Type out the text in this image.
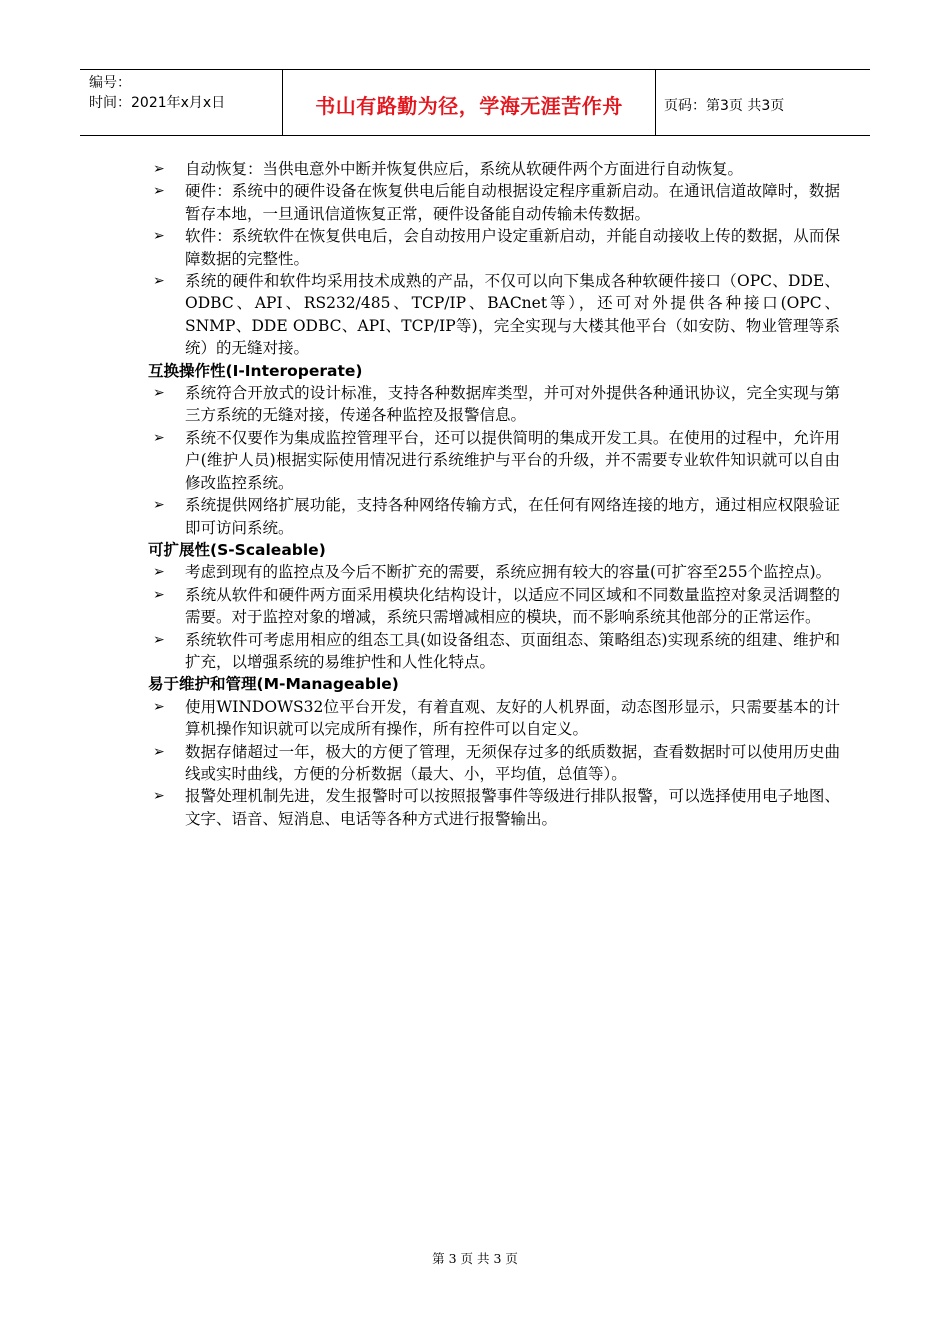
编号：
时间：2021年x月x日	书山有路勤为径，学海无涯苦作舟	页码：第3页 共3页
➢ 自动恢复：当供电意外中断并恢复供应后，系统从软硬件两个方面进行自动恢复。
➢ 硬件：系统中的硬件设备在恢复供电后能自动根据设定程序重新启动。在通讯信道故障时，数据暂存本地，一旦通讯信道恢复正常，硬件设备能自动传输未传数据。
➢ 软件：系统软件在恢复供电后，会自动按用户设定重新启动，并能自动接收上传的数据，从而保障数据的完整性。
➢ 系统的硬件和软件均采用技术成熟的产品，不仅可以向下集成各种软硬件接口（OPC、DDE、ODBC、API、RS232/485、TCP/IP、BACnet等），还可对外提供各种接口(OPC、SNMP、DDE ODBC、API、TCP/IP等)，完全实现与大楼其他平台（如安防、物业管理等系统）的无缝对接。
互换操作性(I-Interoperate)
➢ 系统符合开放式的设计标准，支持各种数据库类型，并可对外提供各种通讯协议，完全实现与第三方系统的无缝对接，传递各种监控及报警信息。
➢ 系统不仅要作为集成监控管理平台，还可以提供简明的集成开发工具。在使用的过程中，允许用户(维护人员)根据实际使用情况进行系统维护与平台的升级，并不需要专业软件知识就可以自由修改监控系统。
➢ 系统提供网络扩展功能，支持各种网络传输方式，在任何有网络连接的地方，通过相应权限验证即可访问系统。
可扩展性(S-Scaleable)
➢ 考虑到现有的监控点及今后不断扩充的需要，系统应拥有较大的容量(可扩容至255个监控点)。
➢ 系统从软件和硬件两方面采用模块化结构设计，以适应不同区域和不同数量监控对象灵活调整的需要。对于监控对象的增减，系统只需增减相应的模块，而不影响系统其他部分的正常运作。
➢ 系统软件可考虑用相应的组态工具(如设备组态、页面组态、策略组态)实现系统的组建、维护和扩充，以增强系统的易维护性和人性化特点。
易于维护和管理(M-Manageable)
➢ 使用WINDOWS32位平台开发，有着直观、友好的人机界面，动态图形显示，只需要基本的计算机操作知识就可以完成所有操作，所有控件可以自定义。
➢ 数据存储超过一年，极大的方便了管理，无须保存过多的纸质数据，查看数据时可以使用历史曲线或实时曲线，方便的分析数据（最大、小，平均值，总值等）。
➢ 报警处理机制先进，发生报警时可以按照报警事件等级进行排队报警，可以选择使用电子地图、文字、语音、短消息、电话等各种方式进行报警输出。
第 3 页 共 3 页
